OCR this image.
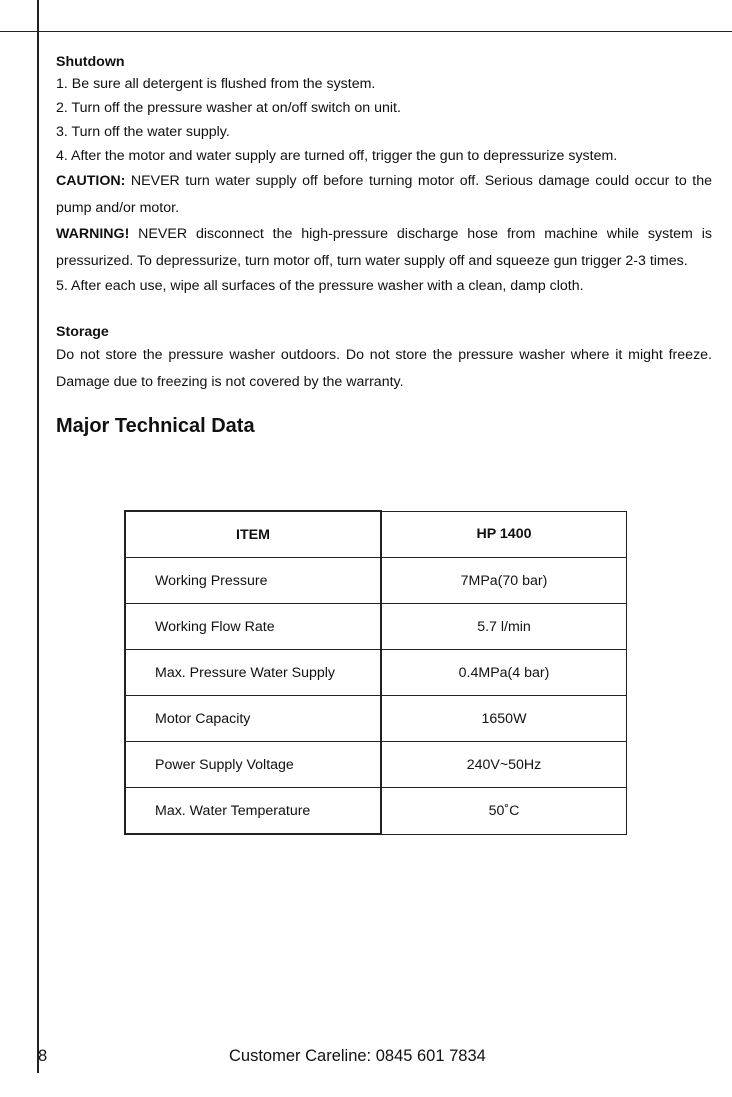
Shutdown

1. Be sure all detergent is flushed from the system.

2. Turn off the pressure washer at on/off switch on unit.

3. Turn off the water supply.

4. After the motor and water supply are turned off, trigger the gun to depressurize system.

CAUTION: NEVER turn water supply off before turning motor off. Serious damage could occur to the pump and/or motor.

WARNING! NEVER disconnect the high-pressure discharge hose from machine while system is pressurized. To depressurize, turn motor off, turn water supply off and squeeze gun trigger 2-3 times.

5. After each use, wipe all surfaces of the pressure washer with a clean, damp cloth.

Storage

Do not store the pressure washer outdoors. Do not store the pressure washer where it might freeze. Damage due to freezing is not covered by the warranty.

Major Technical Data

ITEM	HP 1400
Working Pressure	7MPa(70 bar)
Working Flow Rate	5.7 l/min
Max. Pressure Water Supply	0.4MPa(4 bar)
Motor Capacity	1650W
Power Supply Voltage	240V~50Hz
Max. Water Temperature	50˚C
8	Customer Careline: 0845 601 7834
